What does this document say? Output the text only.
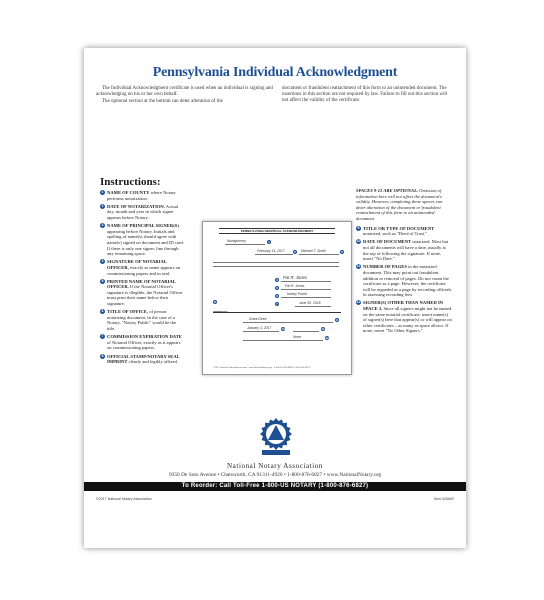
Pennsylvania Individual Acknowledgment

The Individual Acknowledgment certificate is used when an individual is signing and acknowledging on his or her own behalf.

The optional section at the bottom can deter alteration of the

document or fraudulent reattachment of this form to an unintended document. The insertions in this section are not required by law. Failure to fill out this section will not affect the validity of the certificate.

Instructions:
1 NAME OF COUNTY where Notary performs notarization.
2 DATE OF NOTARIZATION. Actual day, month and year in which signer appears before Notary.
3 NAME OF PRINCIPAL SIGNER(S) appearing before Notary. Initials and spelling of name(s) should agree with name(s) signed on document and ID card. If there is only one signer, line through any remaining space.
4 SIGNATURE OF NOTARIAL OFFICER, exactly as name appears on commissioning papers and in seal.
5 PRINTED NAME OF NOTARIAL OFFICER. If the Notarial Officer's signature is illegible, the Notarial Officer must print their name below their signature.
6 TITLE OF OFFICE, of person notarizing document. In the case of a Notary, "Notary Public" would be the title.
7 COMMISSION EXPIRATION DATE of Notarial Officer, exactly as it appears on commissioning papers.
8 OFFICIAL STAMP/NOTARY SEAL IMPRINT clearly and legibly affixed.
PENNSYLVANIA INDIVIDUAL ACKNOWLEDGMENT
Montgomery	1
February 14, 2017	2	Michael T. Smith	3
4 Pat R. Jones
5	Pat R. Jones
6	Notary Public
7	June 30, 2018
8
OPTIONAL
Grant Deed	9
January 3, 2017	10	11
None	12
©2017 National Notary Association • www.NationalNotary.org • 1-800-US NOTARY (1-800-876-6827)
SPACES 9-12 ARE OPTIONAL. Omission of information here will not affect the document's validity. However, completing these spaces can deter alteration of the document or fraudulent reattachment of this form to an unintended document.
9 TITLE OR TYPE OF DOCUMENT notarized, such as "Deed of Trust."
10 DATE OF DOCUMENT notarized. Most but not all documents will have a date, usually at the top of following the signature. If none, insert "No Date."
11 NUMBER OF PAGES in the notarized document. This may point out fraudulent addition or removal of pages. Do not count the certificate as a page. However, the certificate will be regarded as a page by recording officials in assessing recording fees.
12 SIGNER(S) OTHER THAN NAMED IN SPACE 3. Since all signers might not be named on the same notarial certificate, insert name(s) of signer(s) here that appear(s) or will appear on other certificates – as many as space allows. If none, insert "No Other Signers."
National Notary Association
9350 De Soto Avenue • Chatsworth, CA 91311-4926 • 1-800-876-6827 • www.NationalNotary.org
To Reorder: Call Toll-Free 1-800-US NOTARY (1-800-876-6827)
©2017 National Notary Association	Item #25692
